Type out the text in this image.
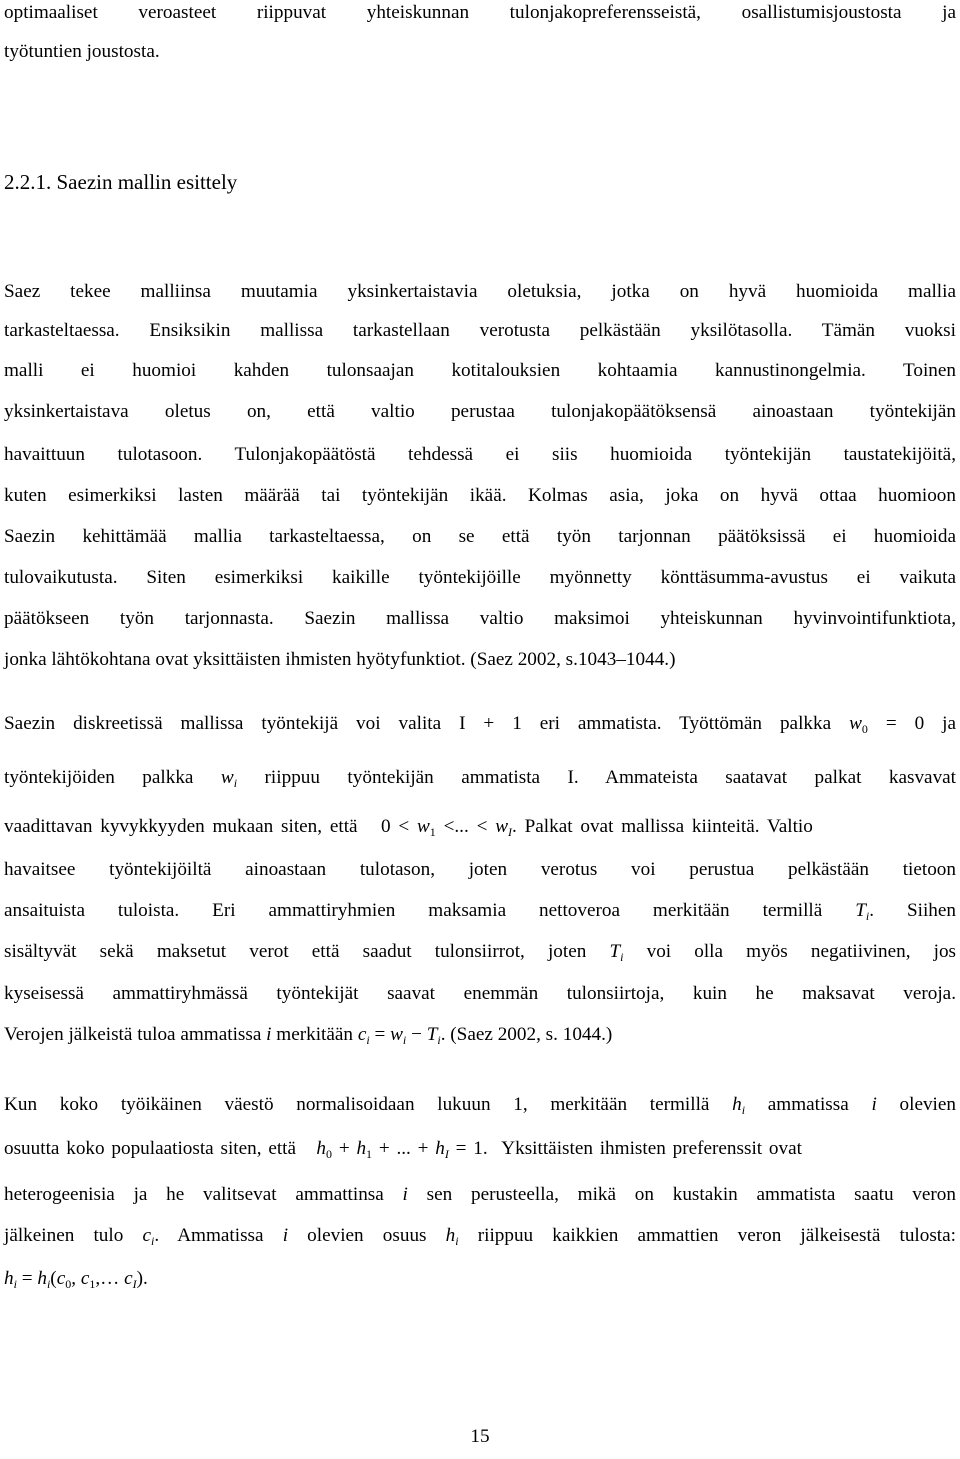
optimaaliset veroasteet riippuvat yhteiskunnan tulonjakopreferensseistä, osallistumisjoustosta ja
työtuntien joustosta.
2.2.1. Saezin mallin esittely
Saez tekee malliinsa muutamia yksinkertaistavia oletuksia, jotka on hyvä huomioida mallia
tarkasteltaessa. Ensiksikin mallissa tarkastellaan verotusta pelkästään yksilötasolla. Tämän vuoksi
malli ei huomioi kahden tulonsaajan kotitalouksien kohtaamia kannustinongelmia. Toinen
yksinkertaistava oletus on, että valtio perustaa tulonjakopäätöksensä ainoastaan työntekijän
havaittuun tulotasoon. Tulonjakopäätöstä tehdessä ei siis huomioida työntekijän taustatekijöitä,
kuten esimerkiksi lasten määrää tai työntekijän ikää. Kolmas asia, joka on hyvä ottaa huomioon
Saezin kehittämää mallia tarkasteltaessa, on se että työn tarjonnan päätöksissä ei huomioida
tulovaikutusta. Siten esimerkiksi kaikille työntekijöille myönnetty könttäsumma-avustus ei vaikuta
päätökseen työn tarjonnasta. Saezin mallissa valtio maksimoi yhteiskunnan hyvinvointifunktiota,
jonka lähtökohtana ovat yksittäisten ihmisten hyötyfunktiot. (Saez 2002, s.1043–1044.)
Saezin diskreetissä mallissa työntekijä voi valita I + 1 eri ammatista. Työttömän palkka $w_0 = 0$ ja
työntekijöiden palkka $w_i$ riippuu työntekijän ammatista I. Ammateista saatavat palkat kasvavat
vaadittavan kyvykkyyden mukaan siten, että $0 < w_1$ <... < $w_I$. Palkat ovat mallissa kiinteitä. Valtio
havaitsee työntekijöiltä ainoastaan tulotason, joten verotus voi perustua pelkästään tietoon
ansaituista tuloista. Eri ammattiryhmien maksamia nettoveroa merkitään termillä $T_i$. Siihen
sisältyvät sekä maksetut verot että saadut tulonsiirrot, joten $T_i$ voi olla myös negatiivinen, jos
kyseisessä ammattiryhmässä työntekijät saavat enemmän tulonsiirtoja, kuin he maksavat veroja.
Verojen jälkeistä tuloa ammatissa i merkitään $c_i = w_i - T_i$. (Saez 2002, s. 1044.)
Kun koko työikäinen väestö normalisoidaan lukuun 1, merkitään termillä $h_i$ ammatissa i olevien
osuutta koko populaatiosta siten, että $h_0 + h_1$ + ... + $h_I = 1$. Yksittäisten ihmisten preferenssit ovat
heterogeenisia ja he valitsevat ammattinsa i sen perusteella, mikä on kustakin ammatista saatu veron
jälkeinen tulo $c_i$. Ammatissa i olevien osuus $h_i$ riippuu kaikkien ammattien veron jälkeisestä tulosta:
$h_i = h_i(c_0$, $c_1,\dots$ $c_I$).
15
